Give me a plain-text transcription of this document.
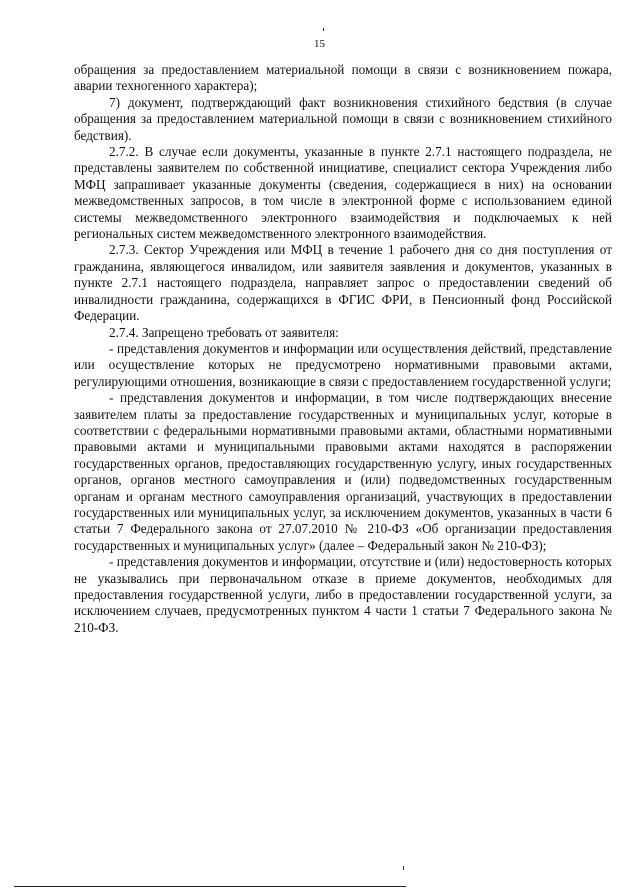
15

обращения за предоставлением материальной помощи в связи с возникновением пожара, аварии техногенного характера);

7) документ, подтверждающий факт возникновения стихийного бедствия (в случае обращения за предоставлением материальной помощи в связи с возникновением стихийного бедствия).

2.7.2. В случае если документы, указанные в пункте 2.7.1 настоящего подраздела, не представлены заявителем по собственной инициативе, специалист сектора Учреждения либо МФЦ запрашивает указанные документы (сведения, содержащиеся в них) на основании межведомственных запросов, в том числе в электронной форме с использованием единой системы межведомственного электронного взаимодействия и подключаемых к ней региональных систем межведомственного электронного взаимодействия.

2.7.3. Сектор Учреждения или МФЦ в течение 1 рабочего дня со дня поступления от гражданина, являющегося инвалидом, или заявителя заявления и документов, указанных в пункте 2.7.1 настоящего подраздела, направляет запрос о предоставлении сведений об инвалидности гражданина, содержащихся в ФГИС ФРИ, в Пенсионный фонд Российской Федерации.

2.7.4. Запрещено требовать от заявителя:

- представления документов и информации или осуществления действий, представление или осуществление которых не предусмотрено нормативными правовыми актами, регулирующими отношения, возникающие в связи с предоставлением государственной услуги;

- представления документов и информации, в том числе подтверждающих внесение заявителем платы за предоставление государственных и муниципальных услуг, которые в соответствии с федеральными нормативными правовыми актами, областными нормативными правовыми актами и муниципальными правовыми актами находятся в распоряжении государственных органов, предоставляющих государственную услугу, иных государственных органов, органов местного самоуправления и (или) подведомственных государственным органам и органам местного самоуправления организаций, участвующих в предоставлении государственных или муниципальных услуг, за исключением документов, указанных в части 6 статьи 7 Федерального закона от 27.07.2010 № 210-ФЗ «Об организации предоставления государственных и муниципальных услуг» (далее – Федеральный закон № 210-ФЗ);

- представления документов и информации, отсутствие и (или) недостоверность которых не указывались при первоначальном отказе в приеме документов, необходимых для предоставления государственной услуги, либо в предоставлении государственной услуги, за исключением случаев, предусмотренных пунктом 4 части 1 статьи 7 Федерального закона № 210-ФЗ.
